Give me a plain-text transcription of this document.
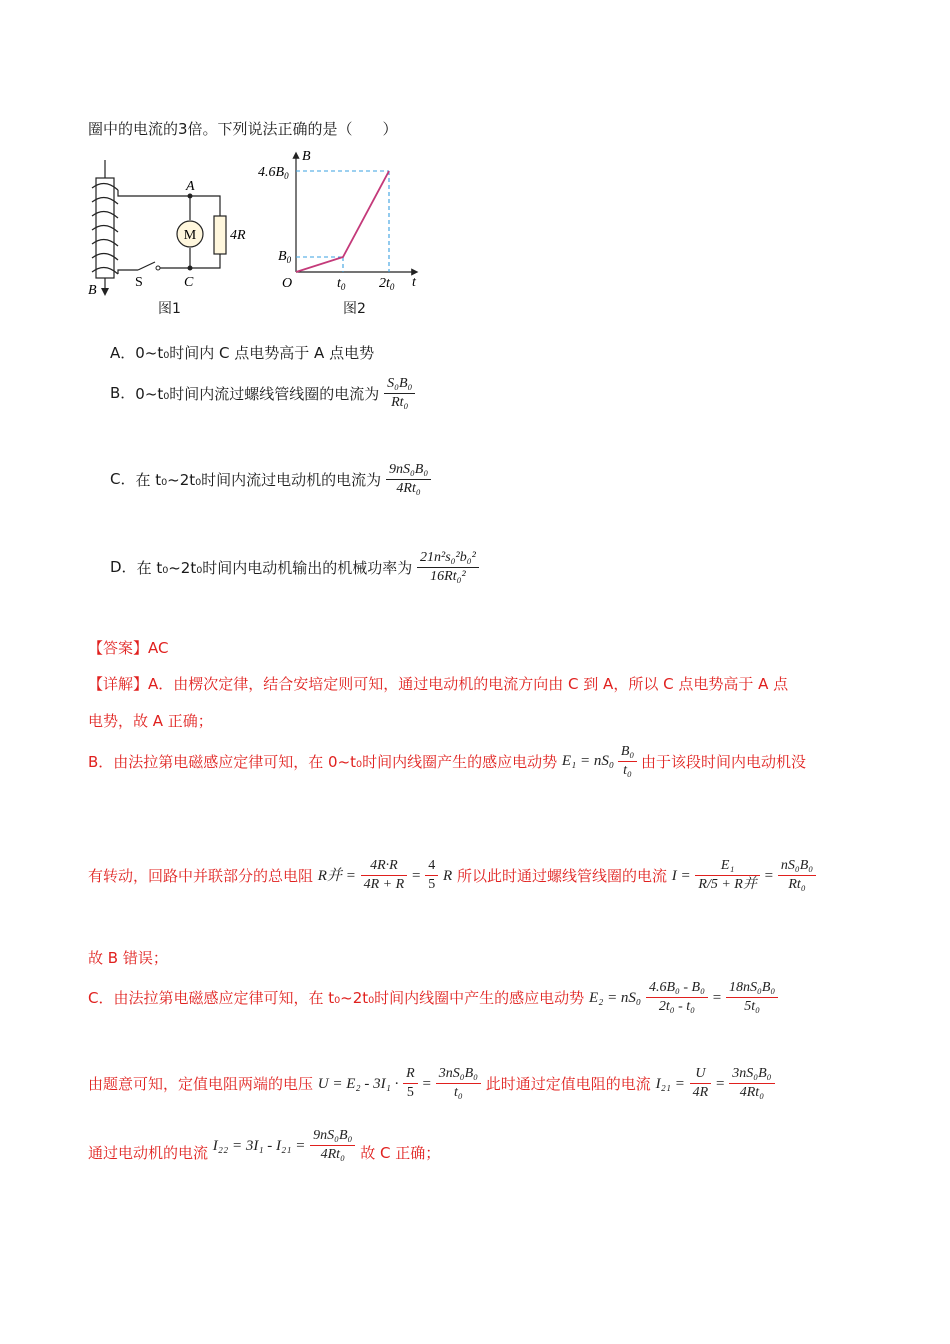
圈中的电流的3倍。下列说法正确的是（　　）
M 4R
A
C
S
B
图1
$4.6B_0$
$B_0$
B
O	$t_0$ $2t_0$ t
图2
A．0~t₀时间内 C 点电势高于 A 点电势
B．0~t₀时间内流过螺线管线圈的电流为 $\frac{\text{S₀B₀}}{\text{Rt₀}}$
C．在 t₀~2t₀时间内流过电动机的电流为 $\frac{\text{9nS₀B₀}}{\text{4Rt₀}}$
D．在 t₀~2t₀时间内电动机输出的机械功率为 $\frac{\text{21n²s₀²b₀²}}{\text{16Rt₀²}}$
【答案】AC
【详解】A．由楞次定律，结合安培定则可知，通过电动机的电流方向由 C 到 A，所以 C 点电势高于 A 点
电势，故 A 正确；
B．由法拉第电磁感应定律可知，在 0~t₀时间内线圈产生的感应电动势 $E_1 = nS_0 \frac{\text{B₀}}{\text{t₀}}$ 由于该段时间内电动机没
有转动，回路中并联部分的总电阻 R并 = $\frac{4R\cdot R}{4R + R} = \frac{4}{5}$ R 所以此时通过螺线管线圈的电流 $I = \frac{\text{E₁}}{\text{R/5 + R并}} = \frac{\text{nS₀B₀}}{\text{Rt₀}}$
故 B 错误；
C．由法拉第电磁感应定律可知，在 t₀~2t₀时间内线圈中产生的感应电动势 $E_2 = nS_0 \frac{\text{4.6B₀ - B₀}}{\text{2t₀ - t₀}} = \frac{\text{18nS₀B₀}}{\text{5t₀}}$
由题意可知，定值电阻两端的电压 $U = E_2 - 3I_1 \cdot \frac{R}{5} = \frac{\text{3nS₀B₀}}{\text{t₀}}$ 此时通过定值电阻的电流 $I_{21} = \frac{U}{4R} = \frac{\text{3nS₀B₀}}{\text{4Rt₀}}$
通过电动机的电流 $I_{22} = 3I_1 - I_{21} = \frac{\text{9nS₀B₀}}{\text{4Rt₀}}$ 故 C 正确；
